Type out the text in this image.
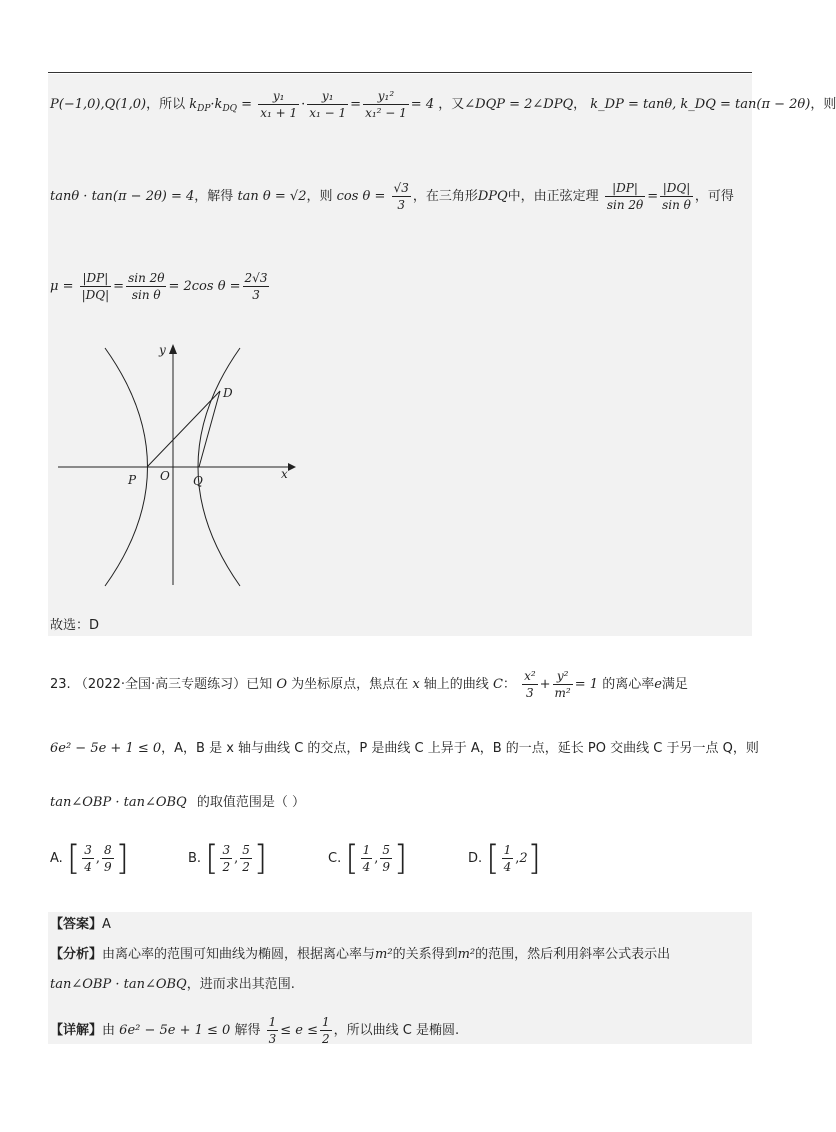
P(−1,0),Q(1,0)，所以 $k_{DP}\cdot k_{DQ} = \frac{\text{y₁}}{\text{x₁ + 1}} \cdot \frac{\text{y₁}}{\text{x₁ − 1}} = \frac{\text{y₁²}}{\text{x₁² − 1}} = 4$ ，又∠DQP = 2∠DPQ， k_DP = tanθ, k_DQ = tan(π − 2θ)，则
tanθ · tan(π − 2θ) = 4，解得 tan θ = √2，则 $\cos \theta = \frac{√3}{3}$ ，在三角形DPQ中，由正弦定理 $\frac{|DP|}{\sin 2\theta} = \frac{|DQ|}{\text{sin θ}}$ ，可得
$\mu = \frac{|DP|}{|DQ|} = \frac{\sin 2\theta}{\text{sin θ}} = 2\cos$ $\theta = \frac{2√3}{3}$
y
x
D
O
P	Q
故选：D
23. （2022·全国·高三专题练习）已知 O 为坐标原点，焦点在 x 轴上的曲线 C： $\frac{\text{x²}}{3} + \frac{\text{y²}}{\text{m²}} = 1$ 的离心率e满足
6e² − 5e + 1 ≤ 0，A，B 是 x 轴与曲线 C 的交点，P 是曲线 C 上异于 A，B 的一点，延长 PO 交曲线 C 于另一点 Q，则
tan∠OBP · tan∠OBQ 的取值范围是（ ）
A. [ $\frac{3}{4}$ , $\frac{8}{9}$ ]	B. [ $\frac{3}{2}$ , $\frac{5}{2}$ ]	C. [ $\frac{1}{4}$ , $\frac{5}{9}$ ]	D. [ $\frac{1}{4} ,2$]
【答案】A
【分析】由离心率的范围可知曲线为椭圆，根据离心率与m²的关系得到m²的范围，然后利用斜率公式表示出
tan∠OBP · tan∠OBQ，进而求出其范围.
【详解】由 6e² − 5e + 1 ≤ 0 解得 $\frac{1}{3} \le e \le \frac{1}{2}$ ，所以曲线 C 是椭圆.
